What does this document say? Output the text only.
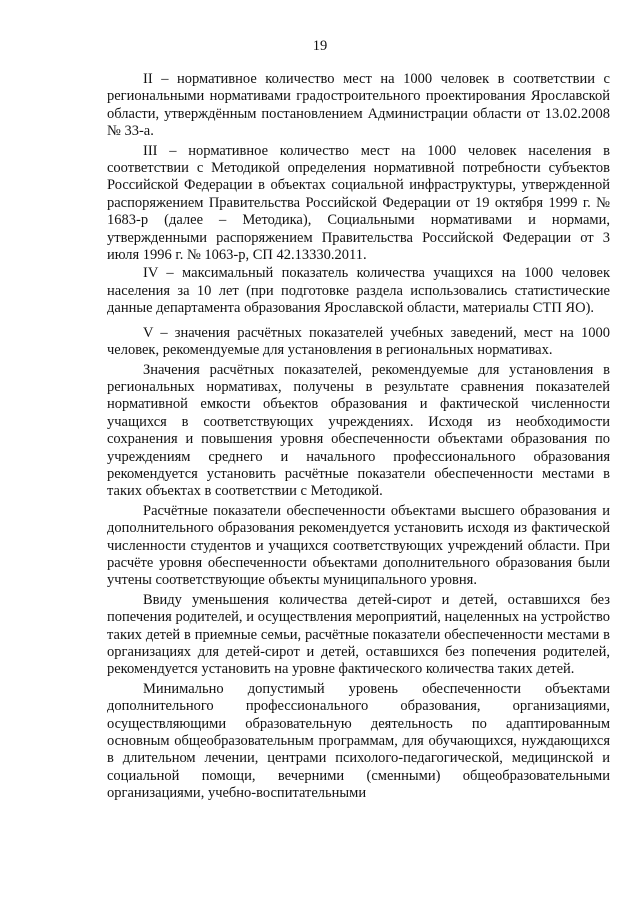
19

II – нормативное количество мест на 1000 человек в соответствии с региональными нормативами градостроительного проектирования Ярославской области, утверждённым постановлением Администрации области от 13.02.2008 № 33-а.

III – нормативное количество мест на 1000 человек населения в соответствии с Методикой определения нормативной потребности субъектов Российской Федерации в объектах социальной инфраструктуры, утвержденной распоряжением Правительства Российской Федерации от 19 октября 1999 г. № 1683-р (далее – Методика), Социальными нормативами и нормами, утвержденными распоряжением Правительства Российской Федерации от 3 июля 1996 г. № 1063-р, СП 42.13330.2011.

IV – максимальный показатель количества учащихся на 1000 человек населения за 10 лет (при подготовке раздела использовались статистические данные департамента образования Ярославской области, материалы СТП ЯО).

V – значения расчётных показателей учебных заведений, мест на 1000 человек, рекомендуемые для установления в региональных нормативах.

Значения расчётных показателей, рекомендуемые для установления в региональных нормативах, получены в результате сравнения показателей нормативной емкости объектов образования и фактической численности учащихся в соответствующих учреждениях. Исходя из необходимости сохранения и повышения уровня обеспеченности объектами образования по учреждениям среднего и начального профессионального образования рекомендуется установить расчётные показатели обеспеченности местами в таких объектах в соответствии с Методикой.

Расчётные показатели обеспеченности объектами высшего образования и дополнительного образования рекомендуется установить исходя из фактической численности студентов и учащихся соответствующих учреждений области. При расчёте уровня обеспеченности объектами дополнительного образования были учтены соответствующие объекты муниципального уровня.

Ввиду уменьшения количества детей-сирот и детей, оставшихся без попечения родителей, и осуществления мероприятий, нацеленных на устройство таких детей в приемные семьи, расчётные показатели обеспеченности местами в организациях для детей-сирот и детей, оставшихся без попечения родителей, рекомендуется установить на уровне фактического количества таких детей.

Минимально допустимый уровень обеспеченности объектами дополнительного профессионального образования, организациями, осуществляющими образовательную деятельность по адаптированным основным общеобразовательным программам, для обучающихся, нуждающихся в длительном лечении, центрами психолого-педагогической, медицинской и социальной помощи, вечерними (сменными) общеобразовательными организациями, учебно-воспитательными
